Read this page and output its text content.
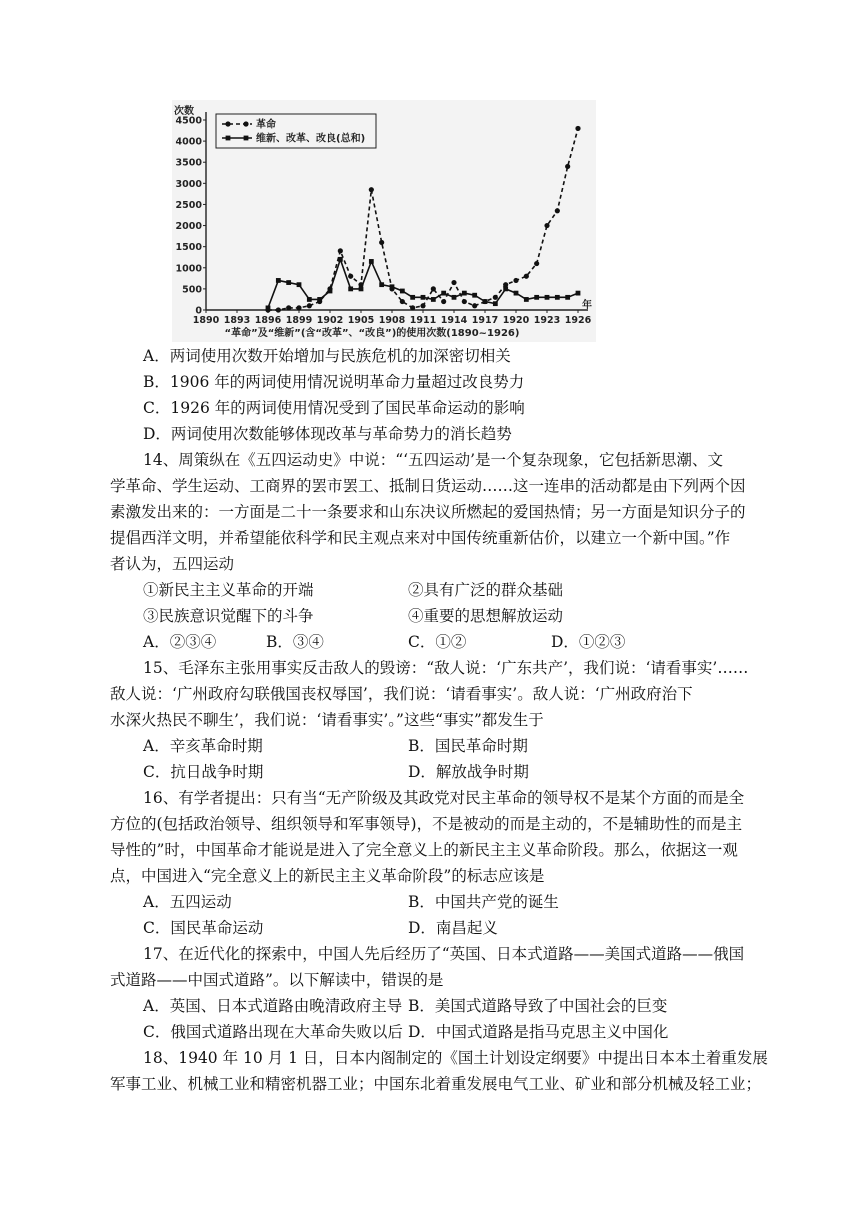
次数
年
0
500
1000
1500
2000
2500
3000
3500
4000
4500
1890 1893 1896 1899 1902 1905 1908 1911 1914 1917 1920 1923 1926
“革命”及“维新”(含“改革”、“改良”)的使用次数(1890~1926)
革命
维新、改革、改良(总和)
A．两词使用次数开始增加与民族危机的加深密切相关
B．1906 年的两词使用情况说明革命力量超过改良势力
C．1926 年的两词使用情况受到了国民革命运动的影响
D．两词使用次数能够体现改革与革命势力的消长趋势
14、周策纵在《五四运动史》中说：“‘五四运动’是一个复杂现象，它包括新思潮、文
学革命、学生运动、工商界的罢市罢工、抵制日货运动……这一连串的活动都是由下列两个因
素激发出来的：一方面是二十一条要求和山东决议所燃起的爱国热情；另一方面是知识分子的
提倡西洋文明，并希望能依科学和民主观点来对中国传统重新估价，以建立一个新中国。”作
者认为，五四运动
①新民主主义革命的开端	②具有广泛的群众基础
③民族意识觉醒下的斗争	④重要的思想解放运动
A．②③④	B．③④	C．①②	D．①②③
15、毛泽东主张用事实反击敌人的毁谤：“敌人说：‘广东共产’，我们说：‘请看事实’……
敌人说：‘广州政府勾联俄国丧权辱国’，我们说：‘请看事实’。敌人说：‘广州政府治下
水深火热民不聊生’，我们说：‘请看事实’。”这些“事实”都发生于
A．辛亥革命时期	B．国民革命时期
C．抗日战争时期	D．解放战争时期
16、有学者提出：只有当“无产阶级及其政党对民主革命的领导权不是某个方面的而是全
方位的(包括政治领导、组织领导和军事领导)，不是被动的而是主动的，不是辅助性的而是主
导性的”时，中国革命才能说是进入了完全意义上的新民主主义革命阶段。那么，依据这一观
点，中国进入“完全意义上的新民主主义革命阶段”的标志应该是
A．五四运动	B．中国共产党的诞生
C．国民革命运动	D．南昌起义
17、在近代化的探索中，中国人先后经历了“英国、日本式道路——美国式道路——俄国
式道路——中国式道路”。以下解读中，错误的是
A．英国、日本式道路由晚清政府主导 B．美国式道路导致了中国社会的巨变
C．俄国式道路出现在大革命失败以后 D．中国式道路是指马克思主义中国化
18、1940 年 10 月 1 日，日本内阁制定的《国土计划设定纲要》中提出日本本土着重发展
军事工业、机械工业和精密机器工业；中国东北着重发展电气工业、矿业和部分机械及轻工业；
